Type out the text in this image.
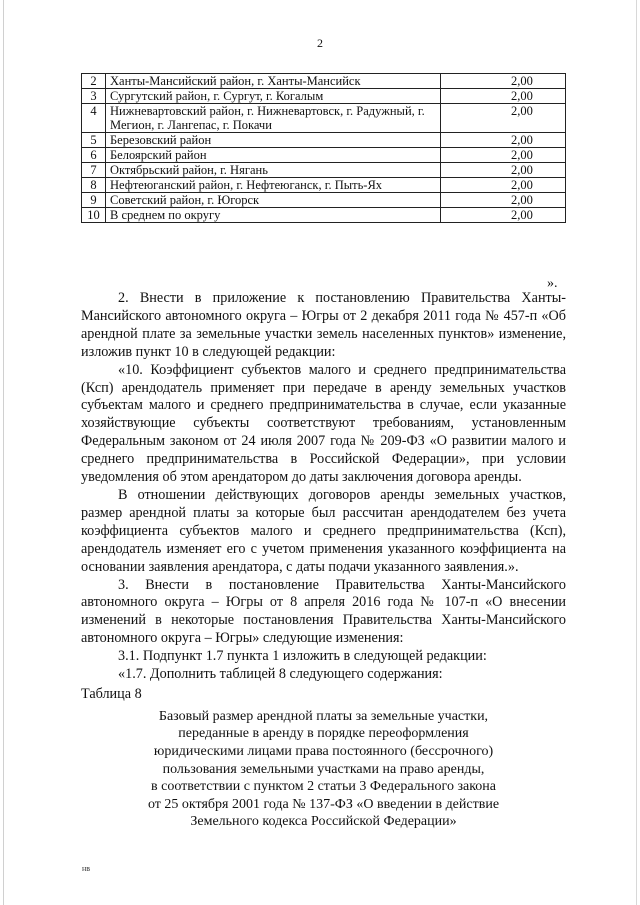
2
2	Ханты-Мансийский район, г. Ханты-Мансийск	2,00
3	Сургутский район, г. Сургут, г. Когалым	2,00
4	Нижневартовский район, г. Нижневартовск, г. Радужный, г. Мегион, г. Лангепас, г. Покачи	2,00
5	Березовский район	2,00
6	Белоярский район	2,00
7	Октябрьский район, г. Нягань	2,00
8	Нефтеюганский район, г. Нефтеюганск, г. Пыть-Ях	2,00
9	Советский район, г. Югорск	2,00
10	В среднем по округу	2,00
».

2. Внести в приложение к постановлению Правительства Ханты-Мансийского автономного округа – Югры от 2 декабря 2011 года № 457-п «Об арендной плате за земельные участки земель населенных пунктов» изменение, изложив пункт 10 в следующей редакции:

«10. Коэффициент субъектов малого и среднего предпринимательства (Ксп) арендодатель применяет при передаче в аренду земельных участков субъектам малого и среднего предпринимательства в случае, если указанные хозяйствующие субъекты соответствуют требованиям, установленным Федеральным законом от 24 июля 2007 года № 209-ФЗ «О развитии малого и среднего предпринимательства в Российской Федерации», при условии уведомления об этом арендатором до даты заключения договора аренды.

В отношении действующих договоров аренды земельных участков, размер арендной платы за которые был рассчитан арендодателем без учета коэффициента субъектов малого и среднего предпринимательства (Ксп), арендодатель изменяет его с учетом применения указанного коэффициента на основании заявления арендатора, с даты подачи указанного заявления.».

3. Внести в постановление Правительства Ханты-Мансийского автономного округа – Югры от 8 апреля 2016 года № 107-п «О внесении изменений в некоторые постановления Правительства Ханты-Мансийского автономного округа – Югры» следующие изменения:

3.1. Подпункт 1.7 пункта 1 изложить в следующей редакции:

«1.7. Дополнить таблицей 8 следующего содержания:

Таблица 8

Базовый размер арендной платы за земельные участки,
переданные в аренду в порядке переоформления
юридическими лицами права постоянного (бессрочного)
пользования земельными участками на право аренды,
в соответствии с пунктом 2 статьи 3 Федерального закона
от 25 октября 2001 года № 137-ФЗ «О введении в действие
Земельного кодекса Российской Федерации»
нв
